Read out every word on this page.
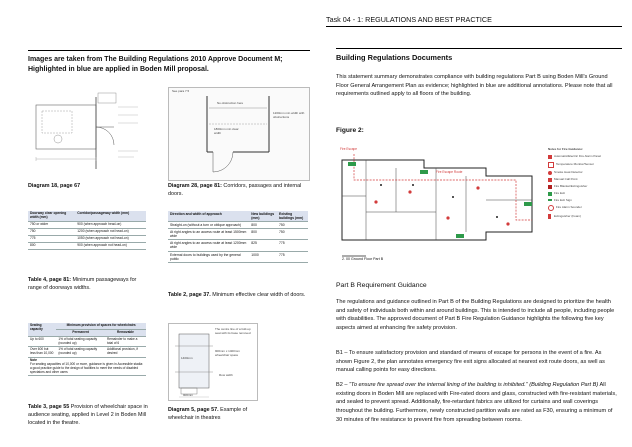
Task 04 - 1: REGULATIONS AND BEST PRACTICE
Images are taken from The Building Regulations 2010 Approve Document M;
Highlighted in blue are applied in Boden Mill proposal.
Diagram 18, page 67
See para 7.5
No obstruction here
1800mm min clear width
1200mm min width with obstructions
Diagram 28, page 81: Corridors, passages and internal doors.
Doorway clear opening width (mm)	Corridor/passageway width (mm)
750 or wider	900 (when approach head-on)
750	1200 (when approach not head-on)
775	1050 (when approach not head-on)
800	900 (when approach not head-on)
Table 4, page 81: Minimum passageways for range of doorways widths.
Direction and width of approach	New buildings (mm)	Existing buildings (mm)
Straight-on (without a turn or oblique approach)	800	750
At right angles to an access route at least 1500mm wide	800	750
At right angles to an access route at least 1200mm wide	825	775
External doors to buildings used by the general public	1000	775
Table 2, page 37. Minimum effective clear width of doors.
Seating capacity	Minimum provision of spaces for wheelchairs	
	Permanent	Removable
Up to 600	1% of total seating capacity (rounded up)	Remainder to make a total of 6
Over 600 but less than 10,000	1% of total seating capacity (rounded up)	Additional provision, if desired
Note
For seating capacities of 10,000 or more, guidance is given in Accessible stadia: a good practice guide to the design of facilities to meet the needs of disabled spectators and other users		
Table 3, page 55 Provision of wheelchair space in audience seating, applied in Level 2 in Boden Mill located in the theatre.
The centre line of a fold-up seat with its base removed
900mm x 1400mm wheelchair space
Row width
1400mm
900mm
Diagram 5, page 57. Example of wheelchair in theatres
Building Regulations Documents
This statement summary demonstrates compliance with building regulations Part B using Boden Mill's Ground Floor General Arrangement Plan as evidence; highlighted in blue are additional annotations. Please note that all requirements outlined apply to all floors of the building.
Figure 2:
Fire Escape
Fire Escape Route
2. 00 Ground Floor Part B
Notes for Fire Guidance:
Automatic/Electric Fire Alarm Panel
Temperature Monitor/Sensor
Smoke Heat Detector
Manual Call Point
Fire Blanket/Extinguisher
Fire Exit
Fire Exit Sign
Fire Alarm Sounder
Extinguisher (Foam)
Part B Requirement Guidance
The regulations and guidance outlined in Part B of the Building Regulations are designed to prioritize the health and safety of individuals both within and around buildings. This is intended to include all people, including people with disabilities. The approved document of Part B Fire Regulation Guidance highlights the following five key aspects aimed at enhancing fire safety provision.
B1 – To ensure satisfactory provision and standard of means of escape for persons in the event of a fire. As shown Figure 2, the plan annotates emergency fire exit signs allocated at nearest exit route doors, as well as manual calling points for easy directions.
B2 – “To ensure fire spread over the internal lining of the building is inhibited.” (Building Regulation Part B) All existing doors in Boden Mill are replaced with Fire-rated doors and glass, constructed with fire-resistant materials, and sealed to prevent spread. Additionally, fire-retardant fabrics are utilized for curtains and wall coverings throughout the building. Furthermore, newly constructed partition walls are rated as F30, ensuring a minimum of 30 minutes of fire resistance to prevent fire from spreading between rooms.
